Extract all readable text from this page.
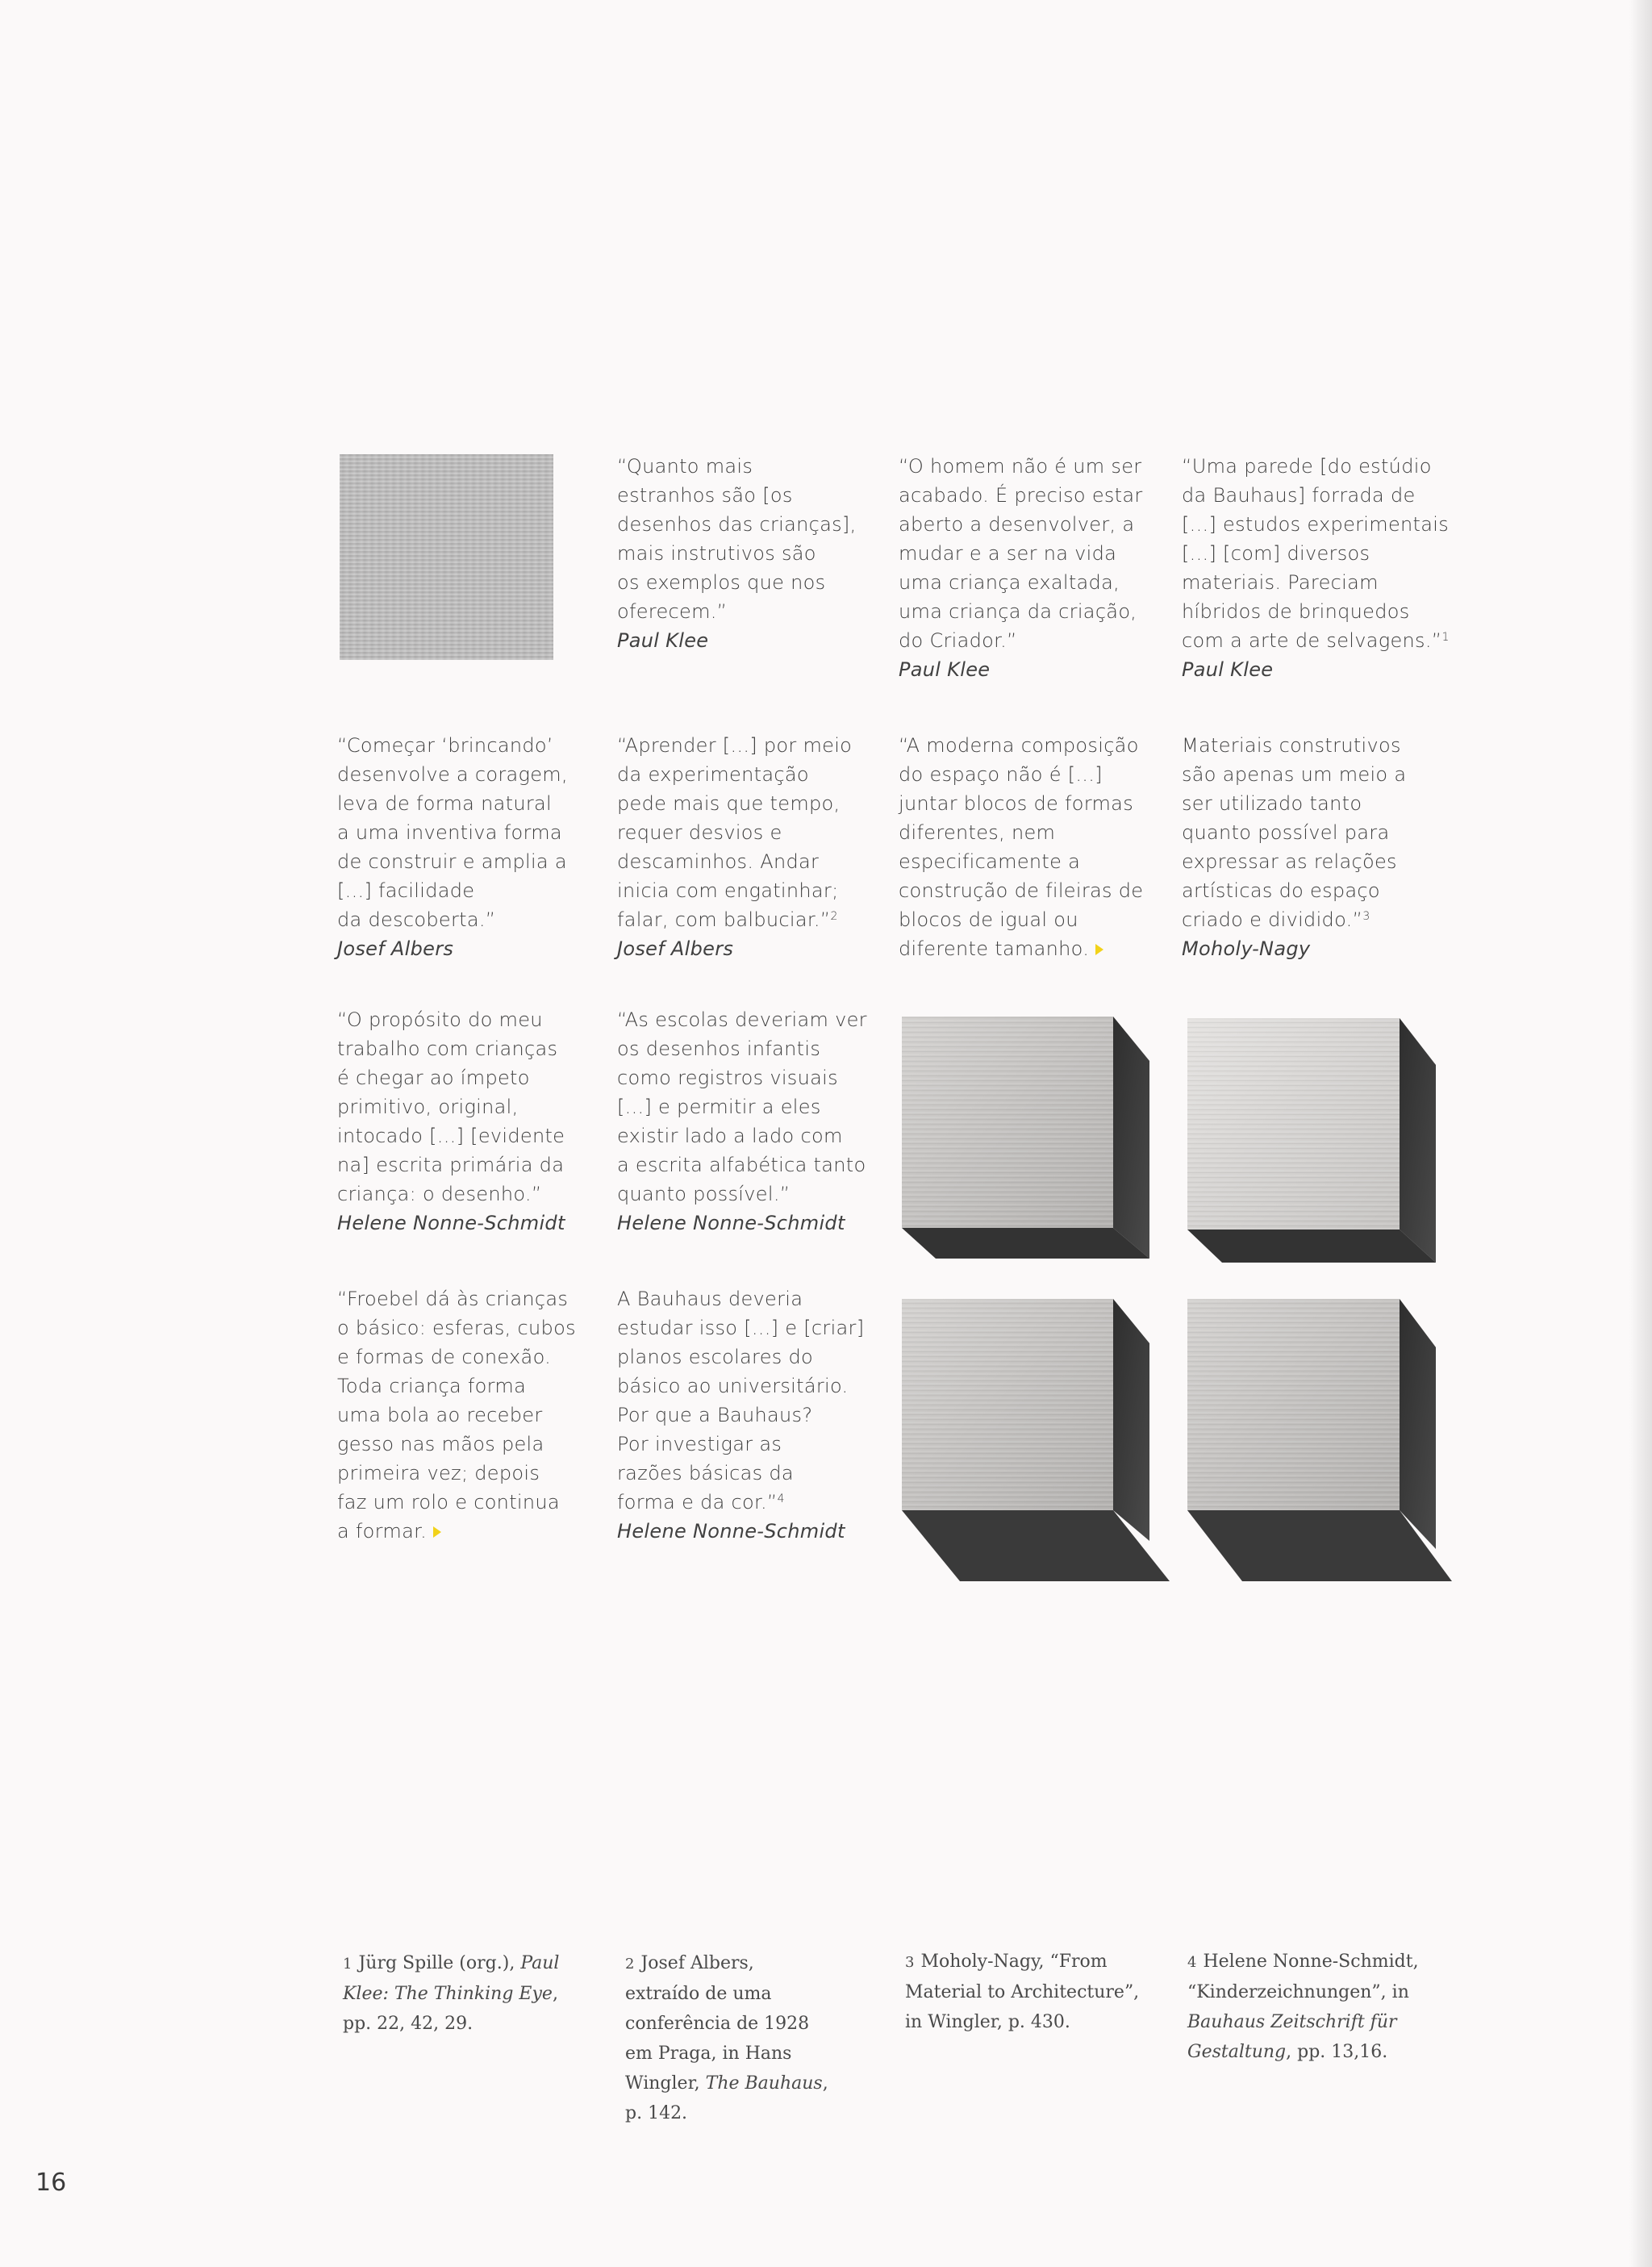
“Quanto mais
estranhos são [os
desenhos das crianças],
mais instrutivos são
os exemplos que nos
oferecem.”
Paul Klee
“O homem não é um ser
acabado. É preciso estar
aberto a desenvolver, a
mudar e a ser na vida
uma criança exaltada,
uma criança da criação,
do Criador.”
Paul Klee
“Uma parede [do estúdio
da Bauhaus] forrada de
[...] estudos experimentais
[...] [com] diversos
materiais. Pareciam
híbridos de brinquedos
com a arte de selvagens.”$^1$
Paul Klee
“Começar ‘brincando’
desenvolve a coragem,
leva de forma natural
a uma inventiva forma
de construir e amplia a
[...] facilidade
da descoberta.”
Josef Albers
“Aprender [...] por meio
da experimentação
pede mais que tempo,
requer desvios e
descaminhos. Andar
inicia com engatinhar;
falar, com balbuciar.”$^2$
Josef Albers
“A moderna composição
do espaço não é [...]
juntar blocos de formas
diferentes, nem
especificamente a
construção de fileiras de
blocos de igual ou
diferente tamanho.
Materiais construtivos
são apenas um meio a
ser utilizado tanto
quanto possível para
expressar as relações
artísticas do espaço
criado e dividido.”$^3$
Moholy-Nagy
“O propósito do meu
trabalho com crianças
é chegar ao ímpeto
primitivo, original,
intocado [...] [evidente
na] escrita primária da
criança: o desenho.”
Helene Nonne-Schmidt
“As escolas deveriam ver
os desenhos infantis
como registros visuais
[...] e permitir a eles
existir lado a lado com
a escrita alfabética tanto
quanto possível.”
Helene Nonne-Schmidt
“Froebel dá às crianças
o básico: esferas, cubos
e formas de conexão.
Toda criança forma
uma bola ao receber
gesso nas mãos pela
primeira vez; depois
faz um rolo e continua
a formar.
A Bauhaus deveria
estudar isso [...] e [criar]
planos escolares do
básico ao universitário.
Por que a Bauhaus?
Por investigar as
razões básicas da
forma e da cor.”$^4$
Helene Nonne-Schmidt
1 Jürg Spille (org.), Paul
Klee: The Thinking Eye,
pp. 22, 42, 29.
2 Josef Albers,
extraído de uma
conferência de 1928
em Praga, in Hans
Wingler, The Bauhaus,
p. 142.
3 Moholy-Nagy, “From
Material to Architecture”,
in Wingler, p. 430.
4 Helene Nonne-Schmidt,
“Kinderzeichnungen”, in
Bauhaus Zeitschrift für
Gestaltung, pp. 13,16.
16
